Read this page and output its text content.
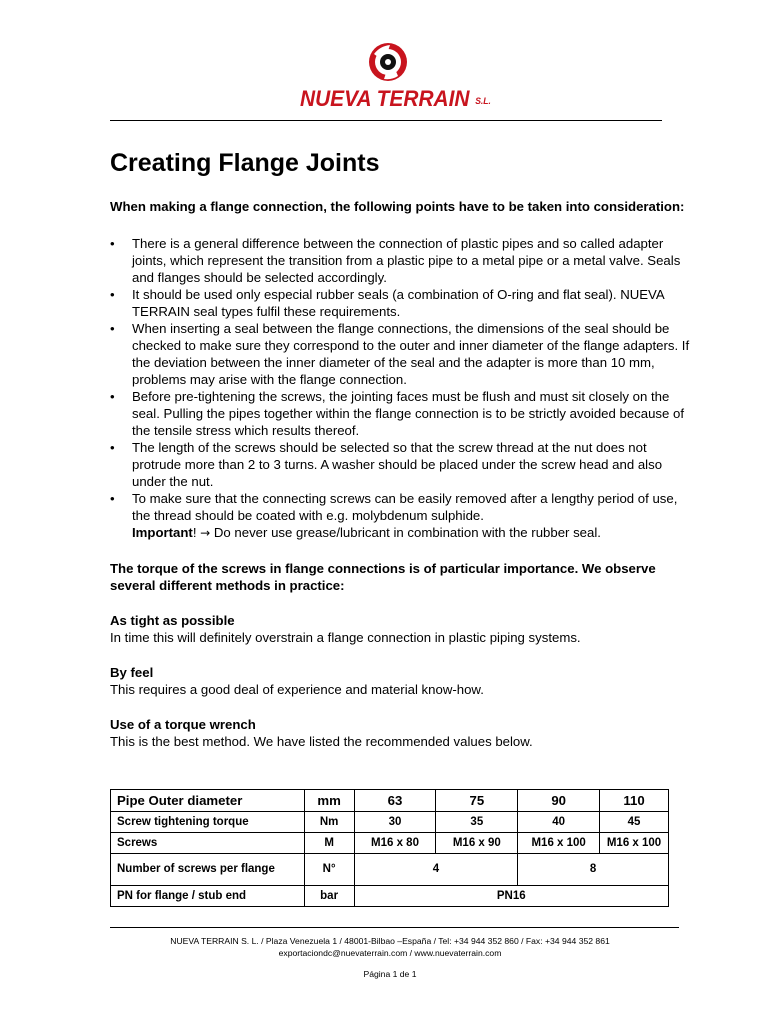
NUEVA TERRAIN S.L.
Creating Flange Joints

When making a flange connection, the following points have to be taken into consideration:

• There is a general difference between the connection of plastic pipes and so called adapter joints, which represent the transition from a plastic pipe to a metal pipe or a metal valve. Seals and flanges should be selected accordingly.
• It should be used only especial rubber seals (a combination of O-ring and flat seal). NUEVA TERRAIN seal types fulfil these requirements.
• When inserting a seal between the flange connections, the dimensions of the seal should be checked to make sure they correspond to the outer and inner diameter of the flange adapters. If the deviation between the inner diameter of the seal and the adapter is more than 10 mm, problems may arise with the flange connection.
• Before pre-tightening the screws, the jointing faces must be flush and must sit closely on the seal. Pulling the pipes together within the flange connection is to be strictly avoided because of the tensile stress which results thereof.
• The length of the screws should be selected so that the screw thread at the nut does not protrude more than 2 to 3 turns. A washer should be placed under the screw head and also under the nut.
• To make sure that the connecting screws can be easily removed after a lengthy period of use, the thread should be coated with e.g. molybdenum sulphide.
Important! → Do never use grease/lubricant in combination with the rubber seal.

The torque of the screws in flange connections is of particular importance. We observe several different methods in practice:

As tight as possible

In time this will definitely overstrain a flange connection in plastic piping systems.

By feel

This requires a good deal of experience and material know-how.

Use of a torque wrench

This is the best method. We have listed the recommended values below.

Pipe Outer diameter	mm	63	75	90	110
Screw tightening torque	Nm	30	35	40	45
Screws	M	M16 x 80	M16 x 90	M16 x 100	M16 x 100
Number of screws per flange	N°	4		8	
PN for flange / stub end	bar	PN16			
NUEVA TERRAIN S. L. / Plaza Venezuela 1 / 48001-Bilbao –España / Tel: +34 944 352 860 / Fax: +34 944 352 861
exportaciondc@nuevaterrain.com / www.nuevaterrain.com
Página 1 de 1
